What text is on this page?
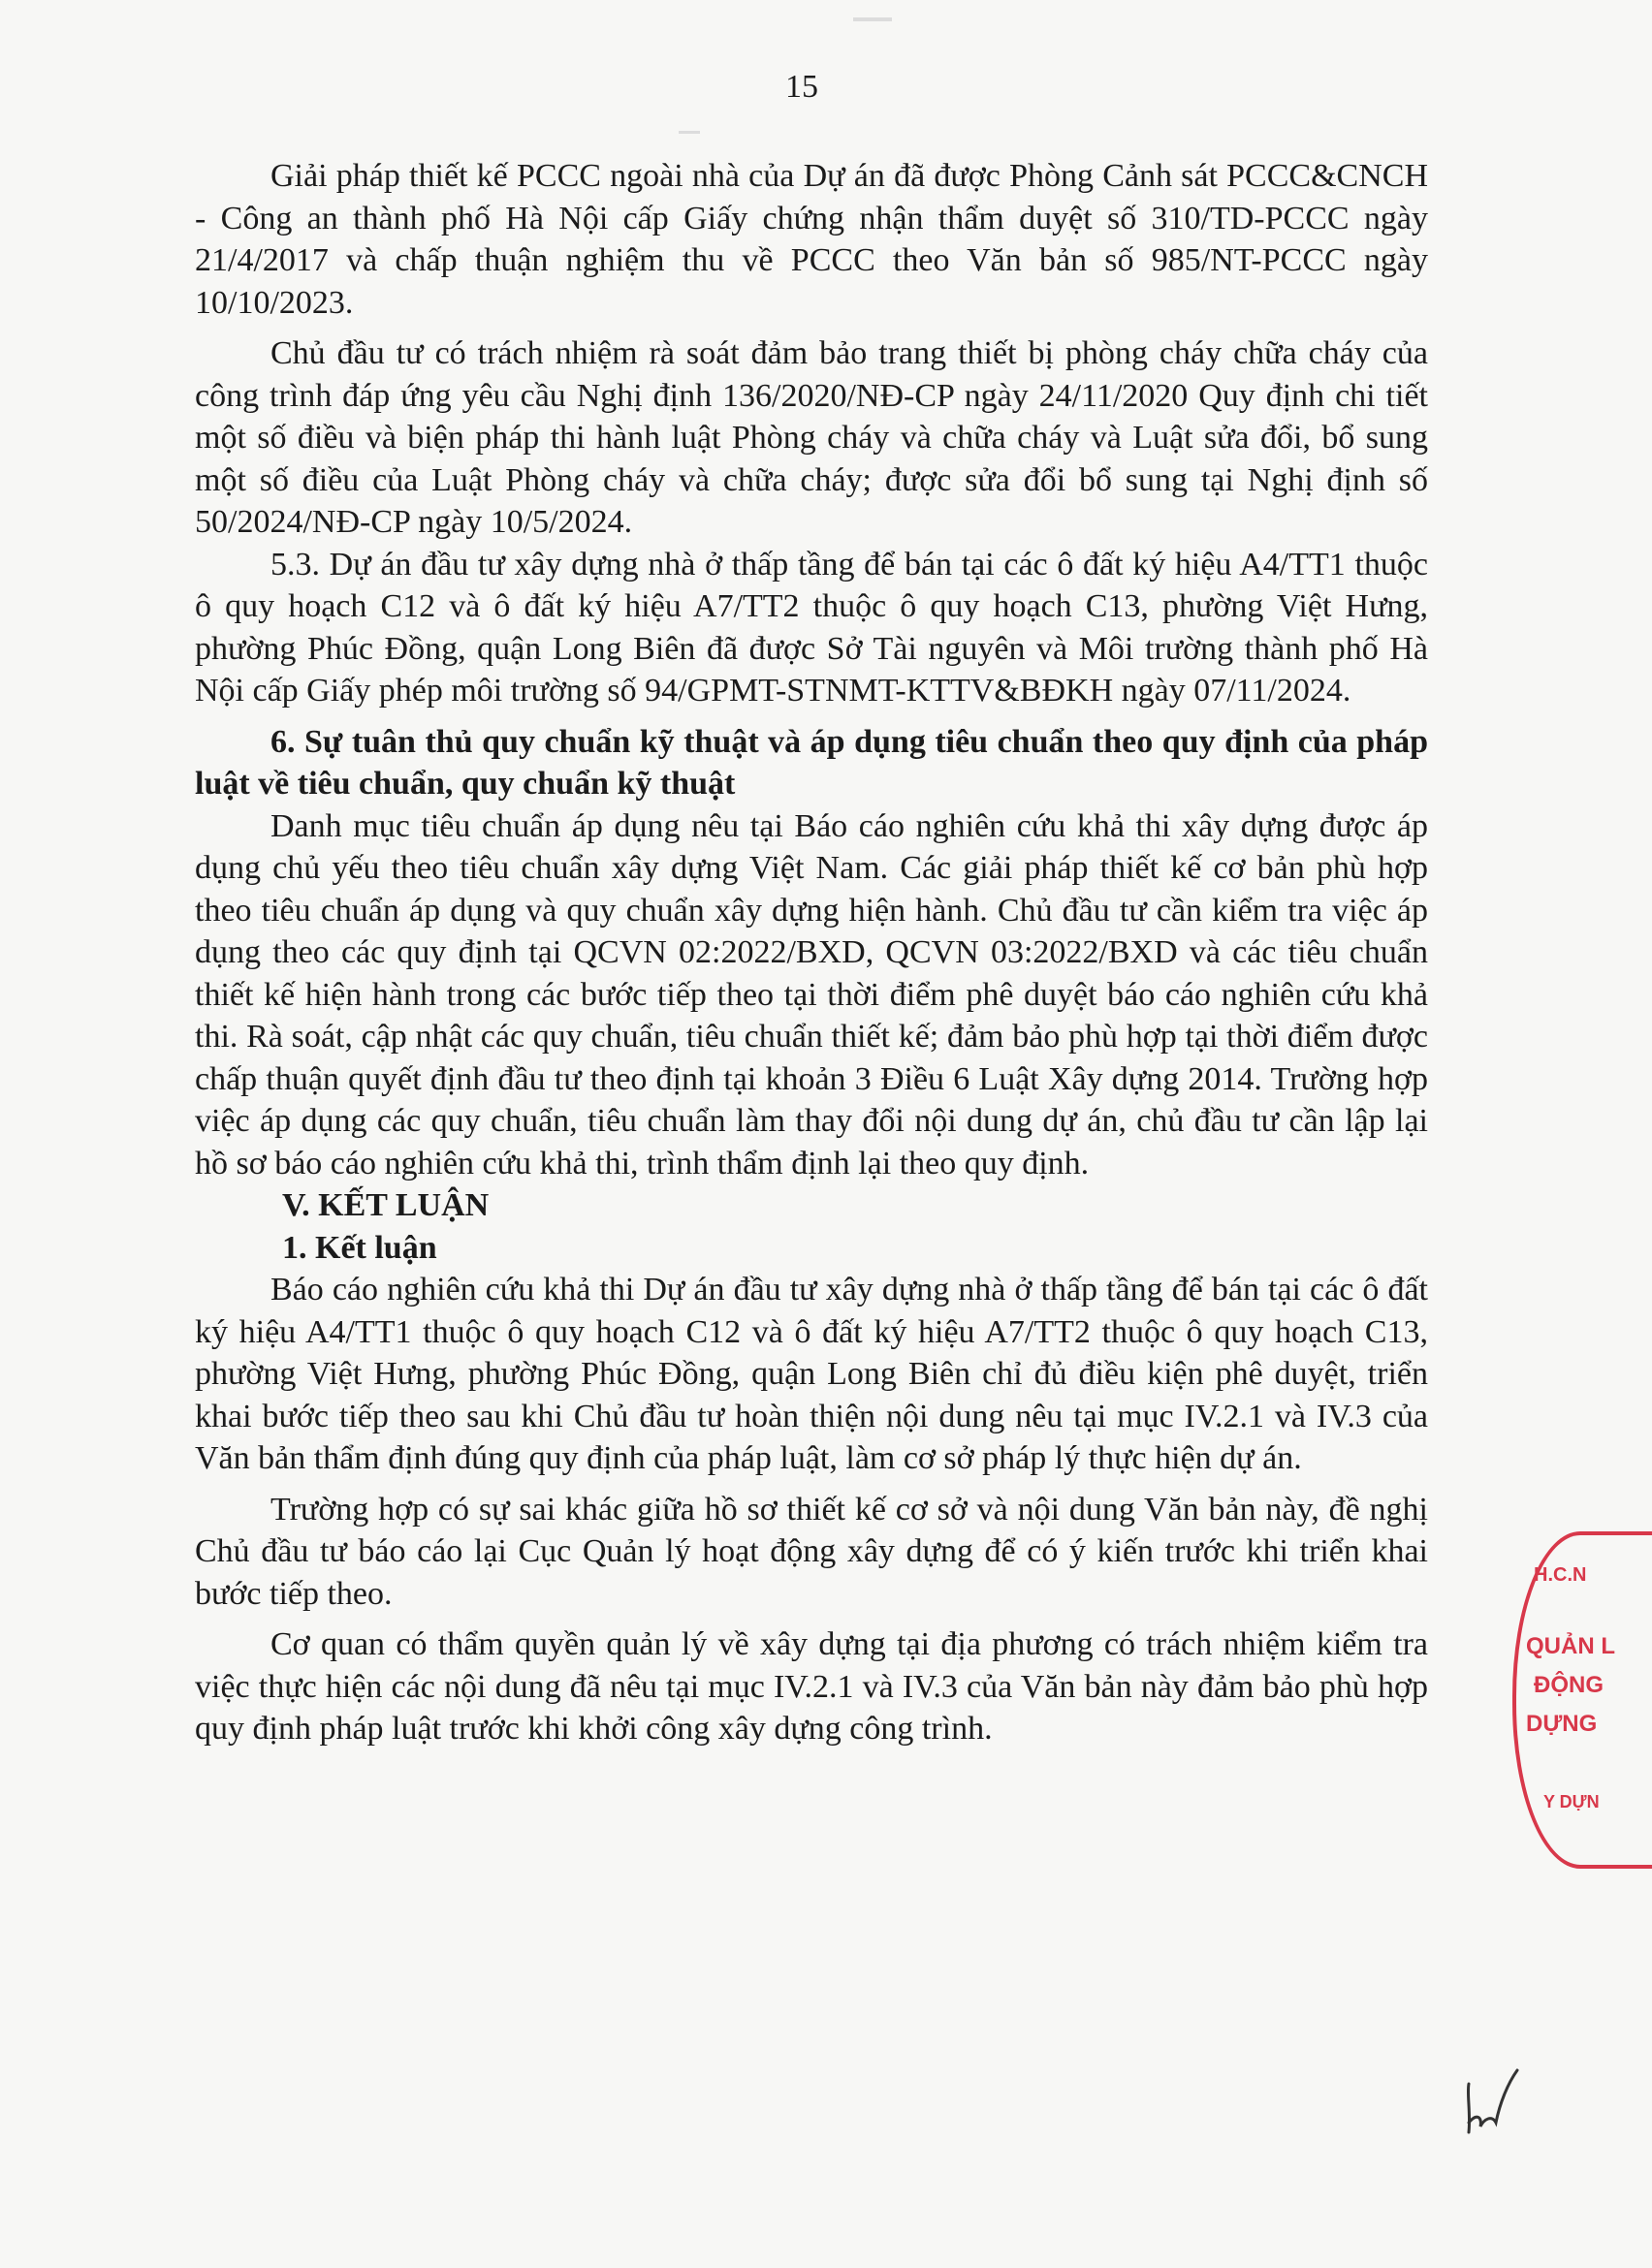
15

Giải pháp thiết kế PCCC ngoài nhà của Dự án đã được Phòng Cảnh sát PCCC&CNCH - Công an thành phố Hà Nội cấp Giấy chứng nhận thẩm duyệt số 310/TD-PCCC ngày 21/4/2017 và chấp thuận nghiệm thu về PCCC theo Văn bản số 985/NT-PCCC ngày 10/10/2023.

Chủ đầu tư có trách nhiệm rà soát đảm bảo trang thiết bị phòng cháy chữa cháy của công trình đáp ứng yêu cầu Nghị định 136/2020/NĐ-CP ngày 24/11/2020 Quy định chi tiết một số điều và biện pháp thi hành luật Phòng cháy và chữa cháy và Luật sửa đổi, bổ sung một số điều của Luật Phòng cháy và chữa cháy; được sửa đổi bổ sung tại Nghị định số 50/2024/NĐ-CP ngày 10/5/2024.

5.3. Dự án đầu tư xây dựng nhà ở thấp tầng để bán tại các ô đất ký hiệu A4/TT1 thuộc ô quy hoạch C12 và ô đất ký hiệu A7/TT2 thuộc ô quy hoạch C13, phường Việt Hưng, phường Phúc Đồng, quận Long Biên đã được Sở Tài nguyên và Môi trường thành phố Hà Nội cấp Giấy phép môi trường số 94/GPMT-STNMT-KTTV&BĐKH ngày 07/11/2024.

6. Sự tuân thủ quy chuẩn kỹ thuật và áp dụng tiêu chuẩn theo quy định của pháp luật về tiêu chuẩn, quy chuẩn kỹ thuật

Danh mục tiêu chuẩn áp dụng nêu tại Báo cáo nghiên cứu khả thi xây dựng được áp dụng chủ yếu theo tiêu chuẩn xây dựng Việt Nam. Các giải pháp thiết kế cơ bản phù hợp theo tiêu chuẩn áp dụng và quy chuẩn xây dựng hiện hành. Chủ đầu tư cần kiểm tra việc áp dụng theo các quy định tại QCVN 02:2022/BXD, QCVN 03:2022/BXD và các tiêu chuẩn thiết kế hiện hành trong các bước tiếp theo tại thời điểm phê duyệt báo cáo nghiên cứu khả thi. Rà soát, cập nhật các quy chuẩn, tiêu chuẩn thiết kế; đảm bảo phù hợp tại thời điểm được chấp thuận quyết định đầu tư theo định tại khoản 3 Điều 6 Luật Xây dựng 2014. Trường hợp việc áp dụng các quy chuẩn, tiêu chuẩn làm thay đổi nội dung dự án, chủ đầu tư cần lập lại hồ sơ báo cáo nghiên cứu khả thi, trình thẩm định lại theo quy định.

V. KẾT LUẬN

1. Kết luận

Báo cáo nghiên cứu khả thi Dự án đầu tư xây dựng nhà ở thấp tầng để bán tại các ô đất ký hiệu A4/TT1 thuộc ô quy hoạch C12 và ô đất ký hiệu A7/TT2 thuộc ô quy hoạch C13, phường Việt Hưng, phường Phúc Đồng, quận Long Biên chỉ đủ điều kiện phê duyệt, triển khai bước tiếp theo sau khi Chủ đầu tư hoàn thiện nội dung nêu tại mục IV.2.1 và IV.3 của Văn bản thẩm định đúng quy định của pháp luật, làm cơ sở pháp lý thực hiện dự án.

Trường hợp có sự sai khác giữa hồ sơ thiết kế cơ sở và nội dung Văn bản này, đề nghị Chủ đầu tư báo cáo lại Cục Quản lý hoạt động xây dựng để có ý kiến trước khi triển khai bước tiếp theo.

Cơ quan có thẩm quyền quản lý về xây dựng tại địa phương có trách nhiệm kiểm tra việc thực hiện các nội dung đã nêu tại mục IV.2.1 và IV.3 của Văn bản này đảm bảo phù hợp quy định pháp luật trước khi khởi công xây dựng công trình.

H.C.N
QUẢN L
ĐỘNG
DỰNG
Y DỰN
